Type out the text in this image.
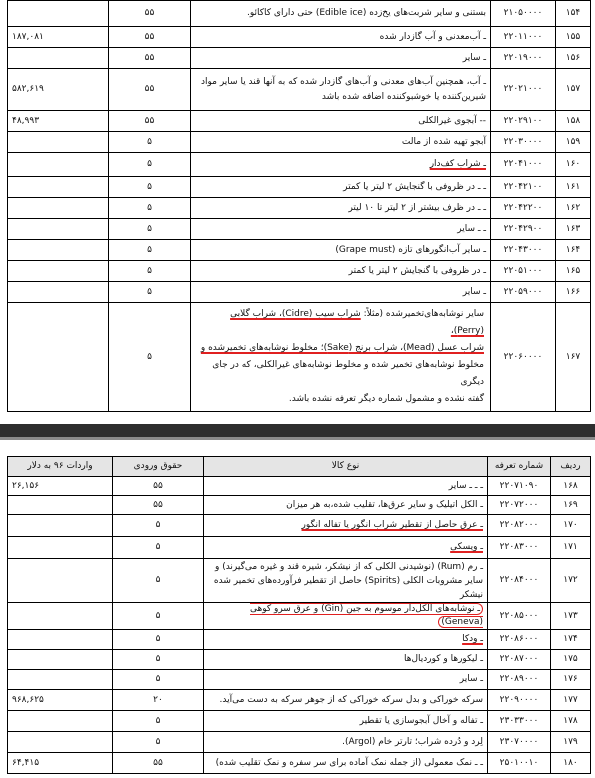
۱۵۴	۲۱۰۵۰۰۰۰	بستنی و سایر شربت‌های یخ‌زده (Edible ice) حتی دارای کاکائو.	۵۵	
۱۵۵	۲۲۰۱۱۰۰۰	ـ آب‌معدنی و آب گازدار شده	۵۵	۱۸۷,۰۸۱
۱۵۶	۲۲۰۱۹۰۰۰	ـ سایر	۵۵	
۱۵۷	۲۲۰۲۱۰۰۰	ـ آب، همچنین آب‌های معدنی و آب‌های گازدار شده که به آنها قند یا سایر مواد شیرین‌کننده یا خوشبوکننده اضافه شده باشد	۵۵	۵۸۲,۶۱۹
۱۵۸	۲۲۰۲۹۱۰۰	-- آبجوی غیرالکلی	۵۵	۴۸,۹۹۳
۱۵۹	۲۲۰۳۰۰۰۰	آبجو تهیه شده از مالت	۵	
۱۶۰	۲۲۰۴۱۰۰۰	ـ شراب کف‌دار	۵	
۱۶۱	۲۲۰۴۲۱۰۰	ـ ـ در ظروفی با گنجایش ۲ لیتر یا کمتر	۵	
۱۶۲	۲۲۰۴۲۲۰۰	ـ ـ در ظرف بیشتر از ۲ لیتر تا ۱۰ لیتر	۵	
۱۶۳	۲۲۰۴۲۹۰۰	ـ ـ سایر	۵	
۱۶۴	۲۲۰۴۳۰۰۰	ـ سایر آب‌انگورهای تازه (Grape must)	۵	
۱۶۵	۲۲۰۵۱۰۰۰	ـ در ظروفی با گنجایش ۲ لیتر یا کمتر	۵	
۱۶۶	۲۲۰۵۹۰۰۰	ـ سایر	۵	
۱۶۷	۲۲۰۶۰۰۰۰	سایر نوشابه‌های‌تخمیرشده (مثلاً: شراب سیب (Cidre)، شراب گلابی (Perry)،
شراب عسل (Mead)، شراب برنج (Sake)؛ مخلوط نوشابه‌های تخمیرشده و
مخلوط نوشابه‌های تخمیر شده و مخلوط نوشابه‌های غیرالکلی، که در جای دیگری
گفته نشده و مشمول شماره دیگر تعرفه نشده باشد.	۵	
ردیف	شماره تعرفه	نوع کالا	حقوق ورودی	واردات ۹۶ به دلار
۱۶۸	۲۲۰۷۱۰۹۰	ـ ـ ـ سایر	۵۵	۲۶,۱۵۶
۱۶۹	۲۲۰۷۲۰۰۰	ـ الکل اتیلیک و سایر عرق‌ها، تقلیب شده،به هر میزان	۵۵	
۱۷۰	۲۲۰۸۲۰۰۰	ـ عرق حاصل از تقطیر شراب انگور یا تفاله انگور	۵	
۱۷۱	۲۲۰۸۳۰۰۰	ـ ویسکی	۵	
۱۷۲	۲۲۰۸۴۰۰۰	ـ رم (Rum) (نوشیدنی الکلی که از نیشکر، شیره قند و غیره می‌گیرند) و سایر مشروبات الکلی (Spirits) حاصل از تقطیر فرآورده‌های تخمیر شده نیشکر	۵	
۱۷۳	۲۲۰۸۵۰۰۰	ـ نوشابه‌های الکل‌دار موسوم به جین (Gin) و عرق سرو کوهی (Geneva)	۵	
۱۷۴	۲۲۰۸۶۰۰۰	ـ ودکا	۵	
۱۷۵	۲۲۰۸۷۰۰۰	ـ لیکورها و کوردیال‌ها	۵	
۱۷۶	۲۲۰۸۹۰۰۰	ـ سایر	۵	
۱۷۷	۲۲۰۹۰۰۰۰	سرکه خوراکی و بدل سرکه خوراکی که از جوهر سرکه به دست می‌آید.	۲۰	۹۶۸,۶۲۵
۱۷۸	۲۳۰۳۳۰۰۰	ـ تفاله و آخال آبجوسازی یا تقطیر	۵	
۱۷۹	۲۳۰۷۰۰۰۰	لِرد و دُرده شراب؛ تارتر خام (Argol).	۵	
۱۸۰	۲۵۰۱۰۰۱۰	ـ ـ نمک معمولی (از جمله نمک آماده برای سر سفره و نمک تقلیب شده)	۵۵	۶۴,۴۱۵
